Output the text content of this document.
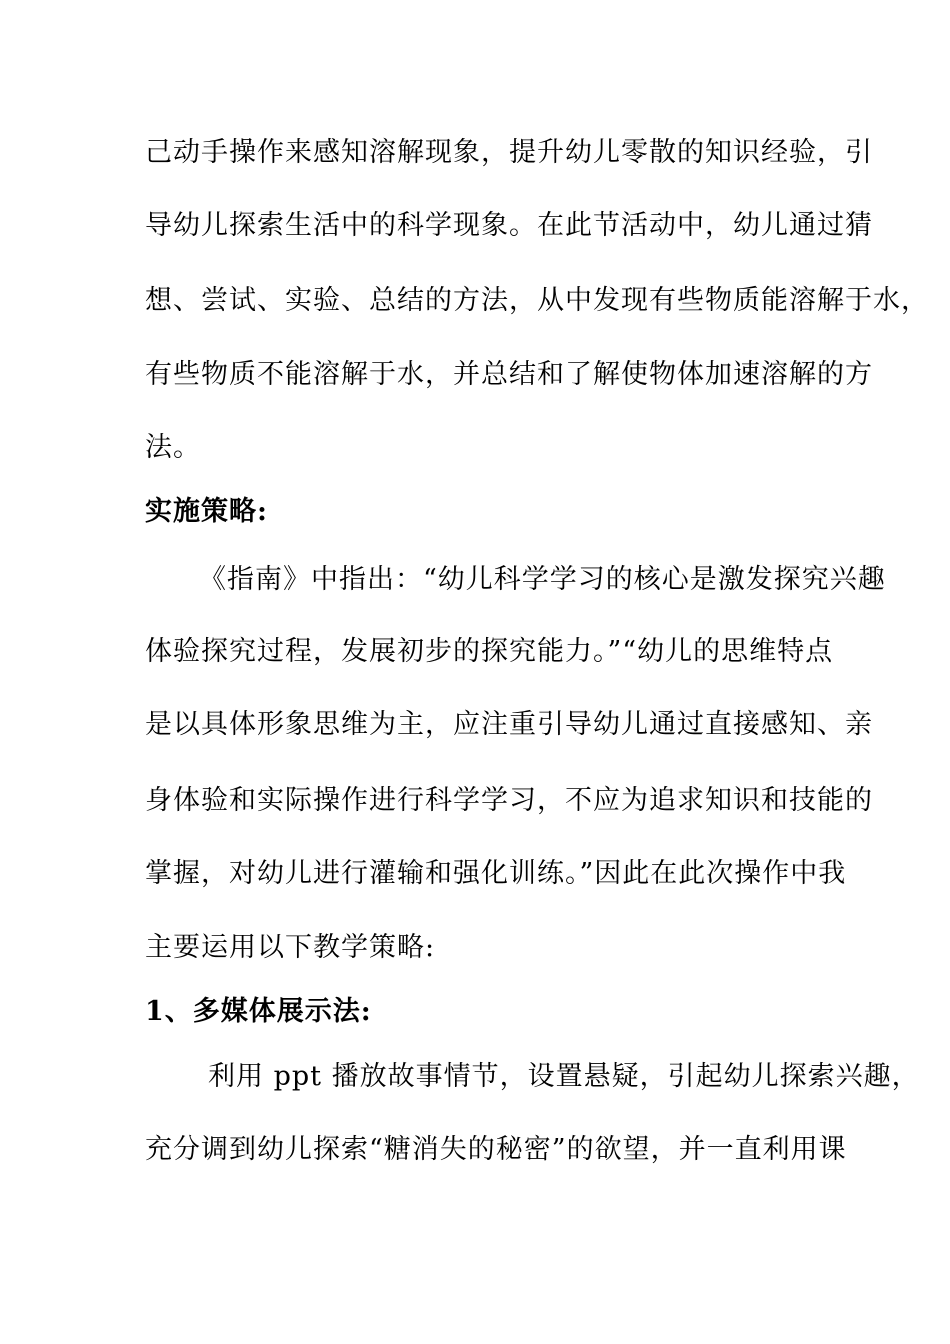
己动手操作来感知溶解现象，提升幼儿零散的知识经验，引
导幼儿探索生活中的科学现象。在此节活动中，幼儿通过猜
想、尝试、实验、总结的方法，从中发现有些物质能溶解于水，
有些物质不能溶解于水，并总结和了解使物体加速溶解的方
法。
实施策略:
《指南》中指出：“幼儿科学学习的核心是激发探究兴趣
体验探究过程，发展初步的探究能力。”“幼儿的思维特点
是以具体形象思维为主，应注重引导幼儿通过直接感知、亲
身体验和实际操作进行科学学习，不应为追求知识和技能的
掌握，对幼儿进行灌输和强化训练。”因此在此次操作中我
主要运用以下教学策略:
1、多媒体展示法:
利用 ppt 播放故事情节，设置悬疑，引起幼儿探索兴趣，
充分调到幼儿探索“糖消失的秘密”的欲望，并一直利用课
